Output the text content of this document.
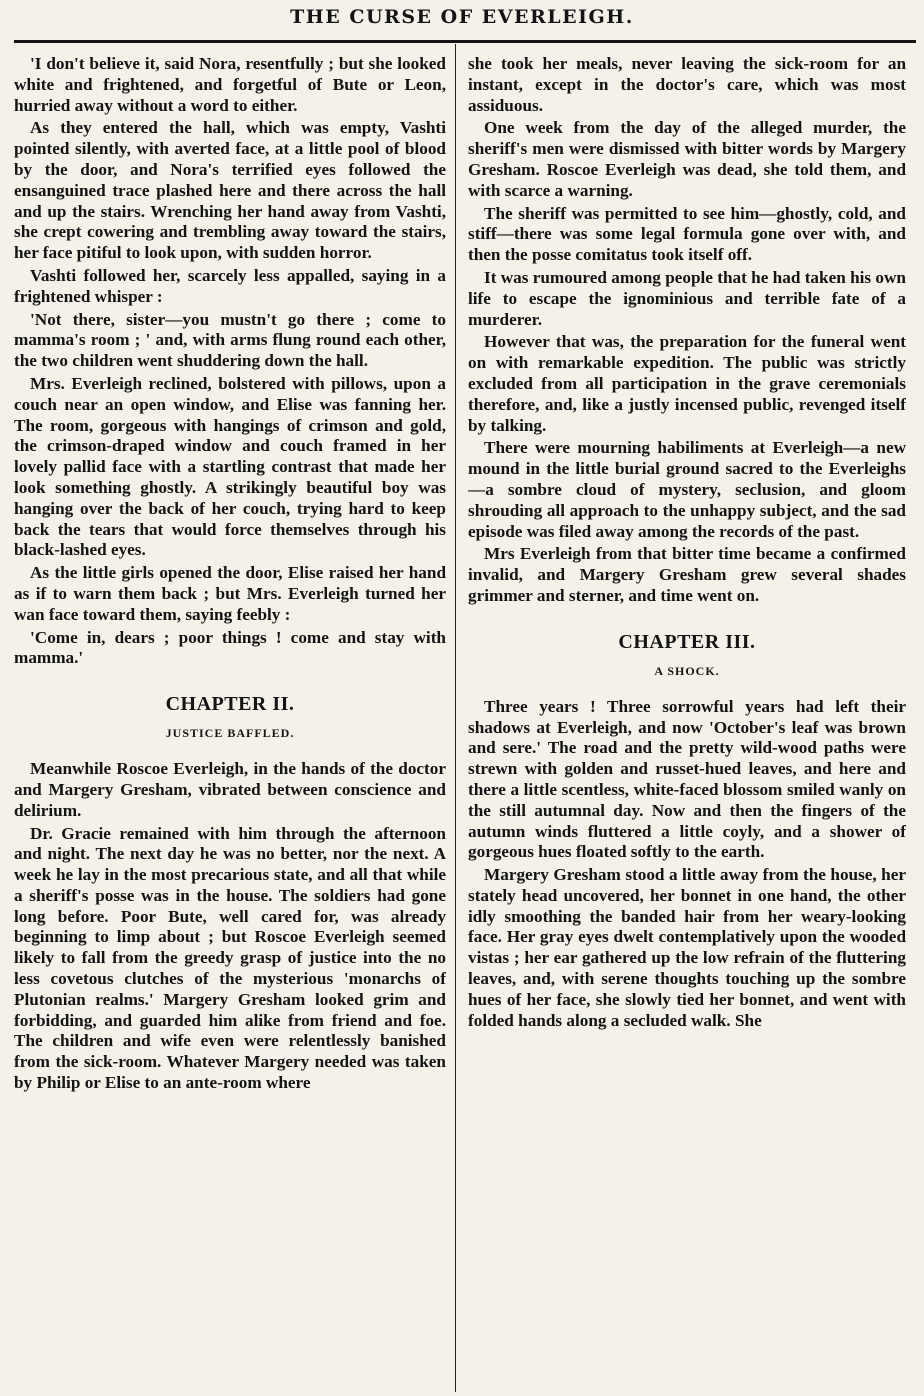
THE CURSE OF EVERLEIGH.

'I don't believe it, said Nora, resentfully ; but she looked white and frightened, and forgetful of Bute or Leon, hurried away without a word to either.

As they entered the hall, which was empty, Vashti pointed silently, with averted face, at a little pool of blood by the door, and Nora's terrified eyes followed the ensanguined trace plashed here and there across the hall and up the stairs. Wrenching her hand away from Vashti, she crept cowering and trembling away toward the stairs, her face pitiful to look upon, with sudden horror.

Vashti followed her, scarcely less appalled, saying in a frightened whisper :

'Not there, sister—you mustn't go there ; come to mamma's room ; ' and, with arms flung round each other, the two children went shuddering down the hall.

Mrs. Everleigh reclined, bolstered with pillows, upon a couch near an open window, and Elise was fanning her. The room, gorgeous with hangings of crimson and gold, the crimson-draped window and couch framed in her lovely pallid face with a startling contrast that made her look something ghostly. A strikingly beautiful boy was hanging over the back of her couch, trying hard to keep back the tears that would force themselves through his black-lashed eyes.

As the little girls opened the door, Elise raised her hand as if to warn them back ; but Mrs. Everleigh turned her wan face toward them, saying feebly :

'Come in, dears ; poor things ! come and stay with mamma.'

CHAPTER II.
JUSTICE BAFFLED.

Meanwhile Roscoe Everleigh, in the hands of the doctor and Margery Gresham, vibrated between conscience and delirium.

Dr. Gracie remained with him through the afternoon and night. The next day he was no better, nor the next. A week he lay in the most precarious state, and all that while a sheriff's posse was in the house. The soldiers had gone long before. Poor Bute, well cared for, was already beginning to limp about ; but Roscoe Everleigh seemed likely to fall from the greedy grasp of justice into the no less covetous clutches of the mysterious 'monarchs of Plutonian realms.' Margery Gresham looked grim and forbidding, and guarded him alike from friend and foe. The children and wife even were relentlessly banished from the sick-room. Whatever Margery needed was taken by Philip or Elise to an ante-room where

she took her meals, never leaving the sick-room for an instant, except in the doctor's care, which was most assiduous.

One week from the day of the alleged murder, the sheriff's men were dismissed with bitter words by Margery Gresham. Roscoe Everleigh was dead, she told them, and with scarce a warning.

The sheriff was permitted to see him—ghostly, cold, and stiff—there was some legal formula gone over with, and then the posse comitatus took itself off.

It was rumoured among people that he had taken his own life to escape the ignominious and terrible fate of a murderer.

However that was, the preparation for the funeral went on with remarkable expedition. The public was strictly excluded from all participation in the grave ceremonials therefore, and, like a justly incensed public, revenged itself by talking.

There were mourning habiliments at Everleigh—a new mound in the little burial ground sacred to the Everleighs—a sombre cloud of mystery, seclusion, and gloom shrouding all approach to the unhappy subject, and the sad episode was filed away among the records of the past.

Mrs Everleigh from that bitter time became a confirmed invalid, and Margery Gresham grew several shades grimmer and sterner, and time went on.

CHAPTER III.
A SHOCK.

Three years ! Three sorrowful years had left their shadows at Everleigh, and now 'October's leaf was brown and sere.' The road and the pretty wild-wood paths were strewn with golden and russet-hued leaves, and here and there a little scentless, white-faced blossom smiled wanly on the still autumnal day. Now and then the fingers of the autumn winds fluttered a little coyly, and a shower of gorgeous hues floated softly to the earth.

Margery Gresham stood a little away from the house, her stately head uncovered, her bonnet in one hand, the other idly smoothing the banded hair from her weary-looking face. Her gray eyes dwelt contemplatively upon the wooded vistas ; her ear gathered up the low refrain of the fluttering leaves, and, with serene thoughts touching up the sombre hues of her face, she slowly tied her bonnet, and went with folded hands along a secluded walk. She
